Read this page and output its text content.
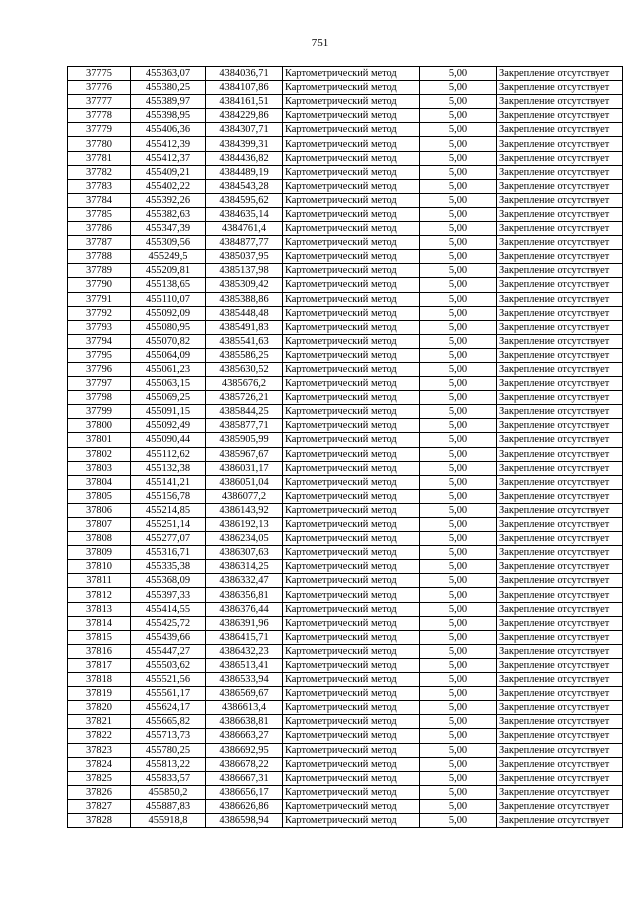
751
37775	455363,07	4384036,71	Картометрический метод	5,00	Закрепление отсутствует
37776	455380,25	4384107,86	Картометрический метод	5,00	Закрепление отсутствует
37777	455389,97	4384161,51	Картометрический метод	5,00	Закрепление отсутствует
37778	455398,95	4384229,86	Картометрический метод	5,00	Закрепление отсутствует
37779	455406,36	4384307,71	Картометрический метод	5,00	Закрепление отсутствует
37780	455412,39	4384399,31	Картометрический метод	5,00	Закрепление отсутствует
37781	455412,37	4384436,82	Картометрический метод	5,00	Закрепление отсутствует
37782	455409,21	4384489,19	Картометрический метод	5,00	Закрепление отсутствует
37783	455402,22	4384543,28	Картометрический метод	5,00	Закрепление отсутствует
37784	455392,26	4384595,62	Картометрический метод	5,00	Закрепление отсутствует
37785	455382,63	4384635,14	Картометрический метод	5,00	Закрепление отсутствует
37786	455347,39	4384761,4	Картометрический метод	5,00	Закрепление отсутствует
37787	455309,56	4384877,77	Картометрический метод	5,00	Закрепление отсутствует
37788	455249,5	4385037,95	Картометрический метод	5,00	Закрепление отсутствует
37789	455209,81	4385137,98	Картометрический метод	5,00	Закрепление отсутствует
37790	455138,65	4385309,42	Картометрический метод	5,00	Закрепление отсутствует
37791	455110,07	4385388,86	Картометрический метод	5,00	Закрепление отсутствует
37792	455092,09	4385448,48	Картометрический метод	5,00	Закрепление отсутствует
37793	455080,95	4385491,83	Картометрический метод	5,00	Закрепление отсутствует
37794	455070,82	4385541,63	Картометрический метод	5,00	Закрепление отсутствует
37795	455064,09	4385586,25	Картометрический метод	5,00	Закрепление отсутствует
37796	455061,23	4385630,52	Картометрический метод	5,00	Закрепление отсутствует
37797	455063,15	4385676,2	Картометрический метод	5,00	Закрепление отсутствует
37798	455069,25	4385726,21	Картометрический метод	5,00	Закрепление отсутствует
37799	455091,15	4385844,25	Картометрический метод	5,00	Закрепление отсутствует
37800	455092,49	4385877,71	Картометрический метод	5,00	Закрепление отсутствует
37801	455090,44	4385905,99	Картометрический метод	5,00	Закрепление отсутствует
37802	455112,62	4385967,67	Картометрический метод	5,00	Закрепление отсутствует
37803	455132,38	4386031,17	Картометрический метод	5,00	Закрепление отсутствует
37804	455141,21	4386051,04	Картометрический метод	5,00	Закрепление отсутствует
37805	455156,78	4386077,2	Картометрический метод	5,00	Закрепление отсутствует
37806	455214,85	4386143,92	Картометрический метод	5,00	Закрепление отсутствует
37807	455251,14	4386192,13	Картометрический метод	5,00	Закрепление отсутствует
37808	455277,07	4386234,05	Картометрический метод	5,00	Закрепление отсутствует
37809	455316,71	4386307,63	Картометрический метод	5,00	Закрепление отсутствует
37810	455335,38	4386314,25	Картометрический метод	5,00	Закрепление отсутствует
37811	455368,09	4386332,47	Картометрический метод	5,00	Закрепление отсутствует
37812	455397,33	4386356,81	Картометрический метод	5,00	Закрепление отсутствует
37813	455414,55	4386376,44	Картометрический метод	5,00	Закрепление отсутствует
37814	455425,72	4386391,96	Картометрический метод	5,00	Закрепление отсутствует
37815	455439,66	4386415,71	Картометрический метод	5,00	Закрепление отсутствует
37816	455447,27	4386432,23	Картометрический метод	5,00	Закрепление отсутствует
37817	455503,62	4386513,41	Картометрический метод	5,00	Закрепление отсутствует
37818	455521,56	4386533,94	Картометрический метод	5,00	Закрепление отсутствует
37819	455561,17	4386569,67	Картометрический метод	5,00	Закрепление отсутствует
37820	455624,17	4386613,4	Картометрический метод	5,00	Закрепление отсутствует
37821	455665,82	4386638,81	Картометрический метод	5,00	Закрепление отсутствует
37822	455713,73	4386663,27	Картометрический метод	5,00	Закрепление отсутствует
37823	455780,25	4386692,95	Картометрический метод	5,00	Закрепление отсутствует
37824	455813,22	4386678,22	Картометрический метод	5,00	Закрепление отсутствует
37825	455833,57	4386667,31	Картометрический метод	5,00	Закрепление отсутствует
37826	455850,2	4386656,17	Картометрический метод	5,00	Закрепление отсутствует
37827	455887,83	4386626,86	Картометрический метод	5,00	Закрепление отсутствует
37828	455918,8	4386598,94	Картометрический метод	5,00	Закрепление отсутствует
